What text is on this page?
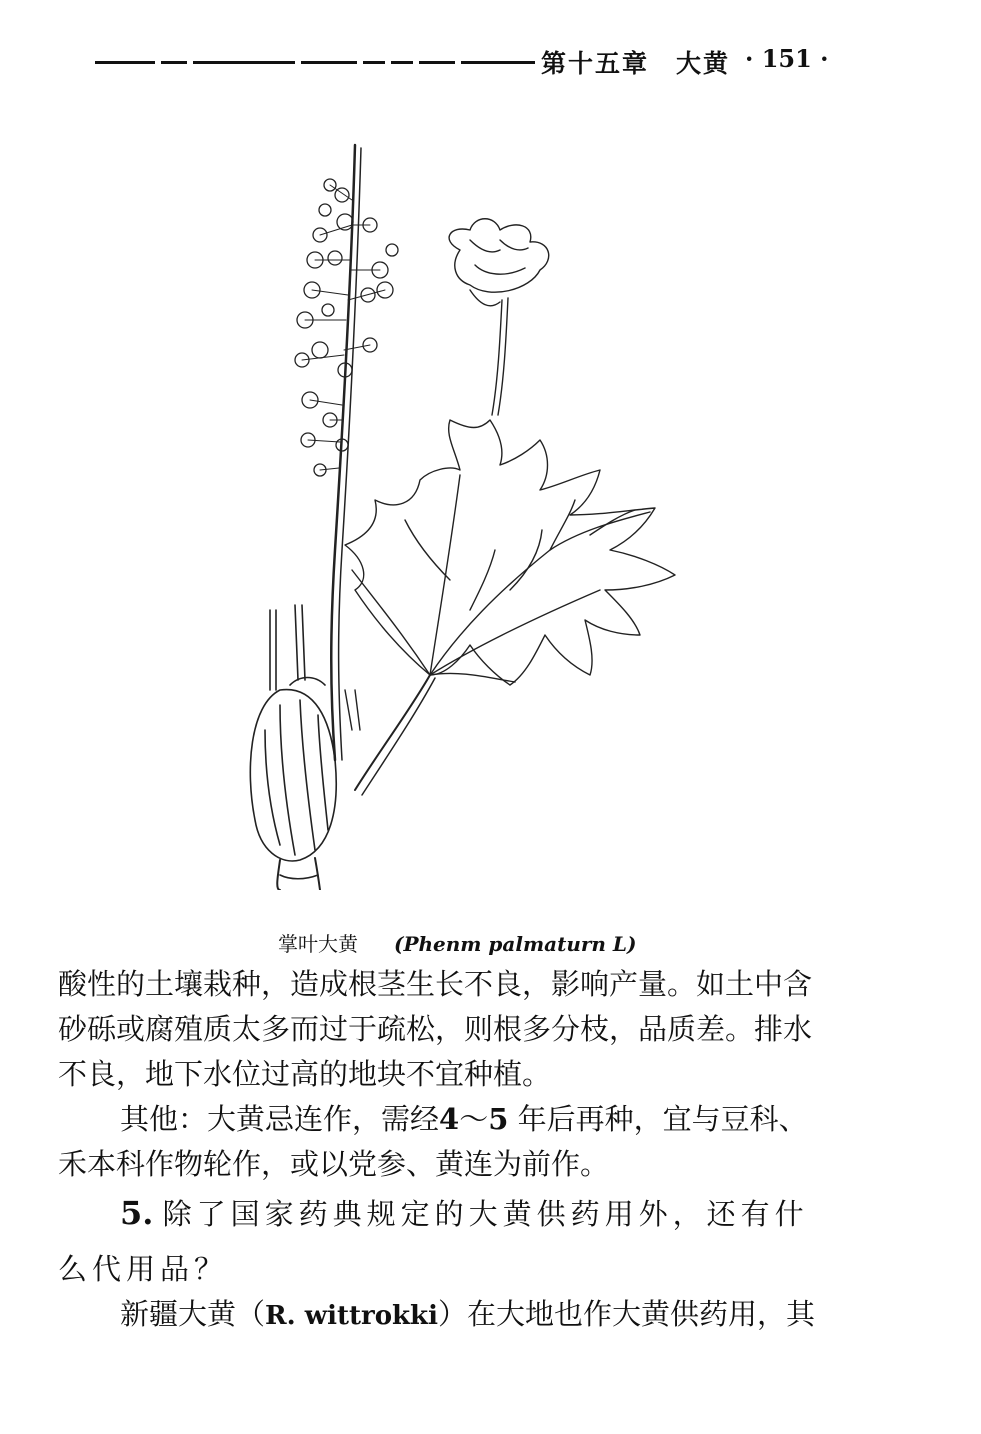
第十五章　大黄 · 151 ·
掌叶大黄 (Phenm palmaturn L)

酸性的土壤栽种，造成根茎生长不良，影响产量。如土中含

砂砾或腐殖质太多而过于疏松，则根多分枝，品质差。排水

不良，地下水位过高的地块不宜种植。

其他：大黄忌连作，需经4～5 年后再种，宜与豆科、

禾本科作物轮作，或以党参、黄连为前作。

5. 除了国家药典规定的大黄供药用外，还有什

么代用品？

新疆大黄（R. wittrokki）在大地也作大黄供药用，其
